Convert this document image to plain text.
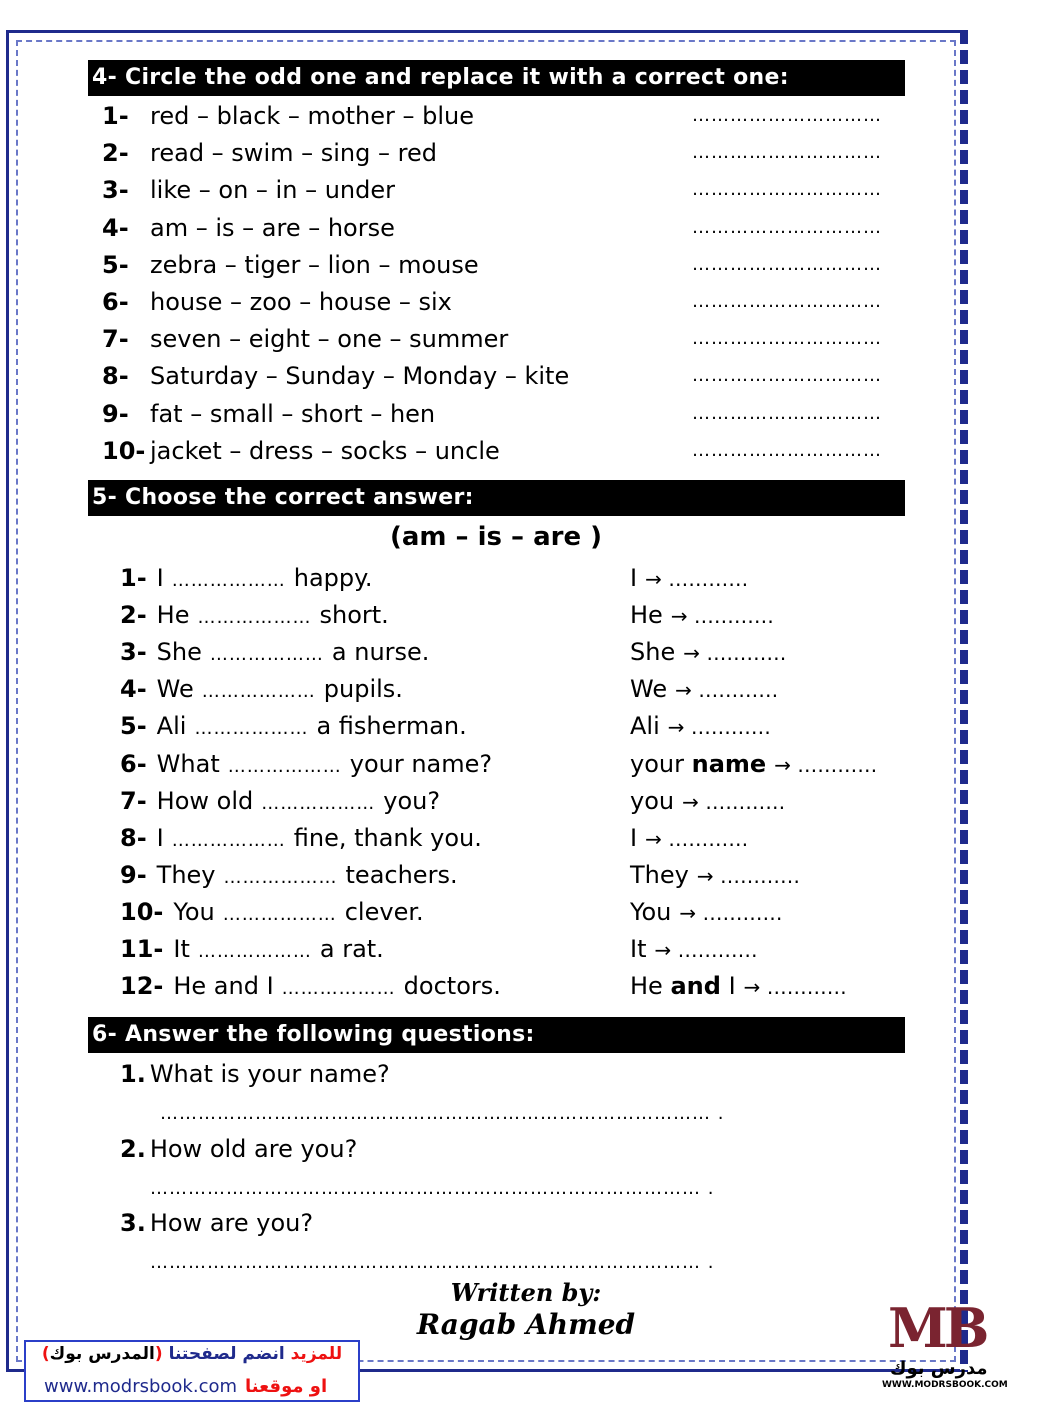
4- Circle the odd one and replace it with a correct one:
1- red – black – mother – blue	…………………………
2- read – swim – sing – red	…………………………
3- like – on – in – under	…………………………
4- am – is – are – horse	…………………………
5- zebra – tiger – lion – mouse	…………………………
6- house – zoo – house – six	…………………………
7- seven – eight – one – summer	…………………………
8- Saturday – Sunday – Monday – kite	…………………………
9- fat – small – short – hen	…………………………
10- jacket – dress – socks – uncle	…………………………
5- Choose the correct answer:
(am – is – are )
1- I ……………… happy.	I → …………
2- He ……………… short.	He → …………
3- She ……………… a nurse.	She → …………
4- We ……………… pupils.	We → …………
5- Ali ……………… a fisherman.	Ali → …………
6- What ……………… your name?	your name → …………
7- How old ……………… you?	you → …………
8- I ……………… fine, thank you.	I → …………
9- They ……………… teachers.	They → …………
10- You ……………… clever.	You → …………
11- It ……………… a rat.	It → …………
12- He and I ……………… doctors.	He and I → …………
6- Answer the following questions:
1. What is your name?
…………………………………………………………………………… .
2. How old are you?
…………………………………………………………………………… .
3. How are you?
…………………………………………………………………………… .
Written by:
Ragab Ahmed
للمزيد انضم لصفحتنا (المدرس بوك)
www.modrsbook.com او موقعنا
MB
مدرس بوك
WWW.MODRSBOOK.COM
